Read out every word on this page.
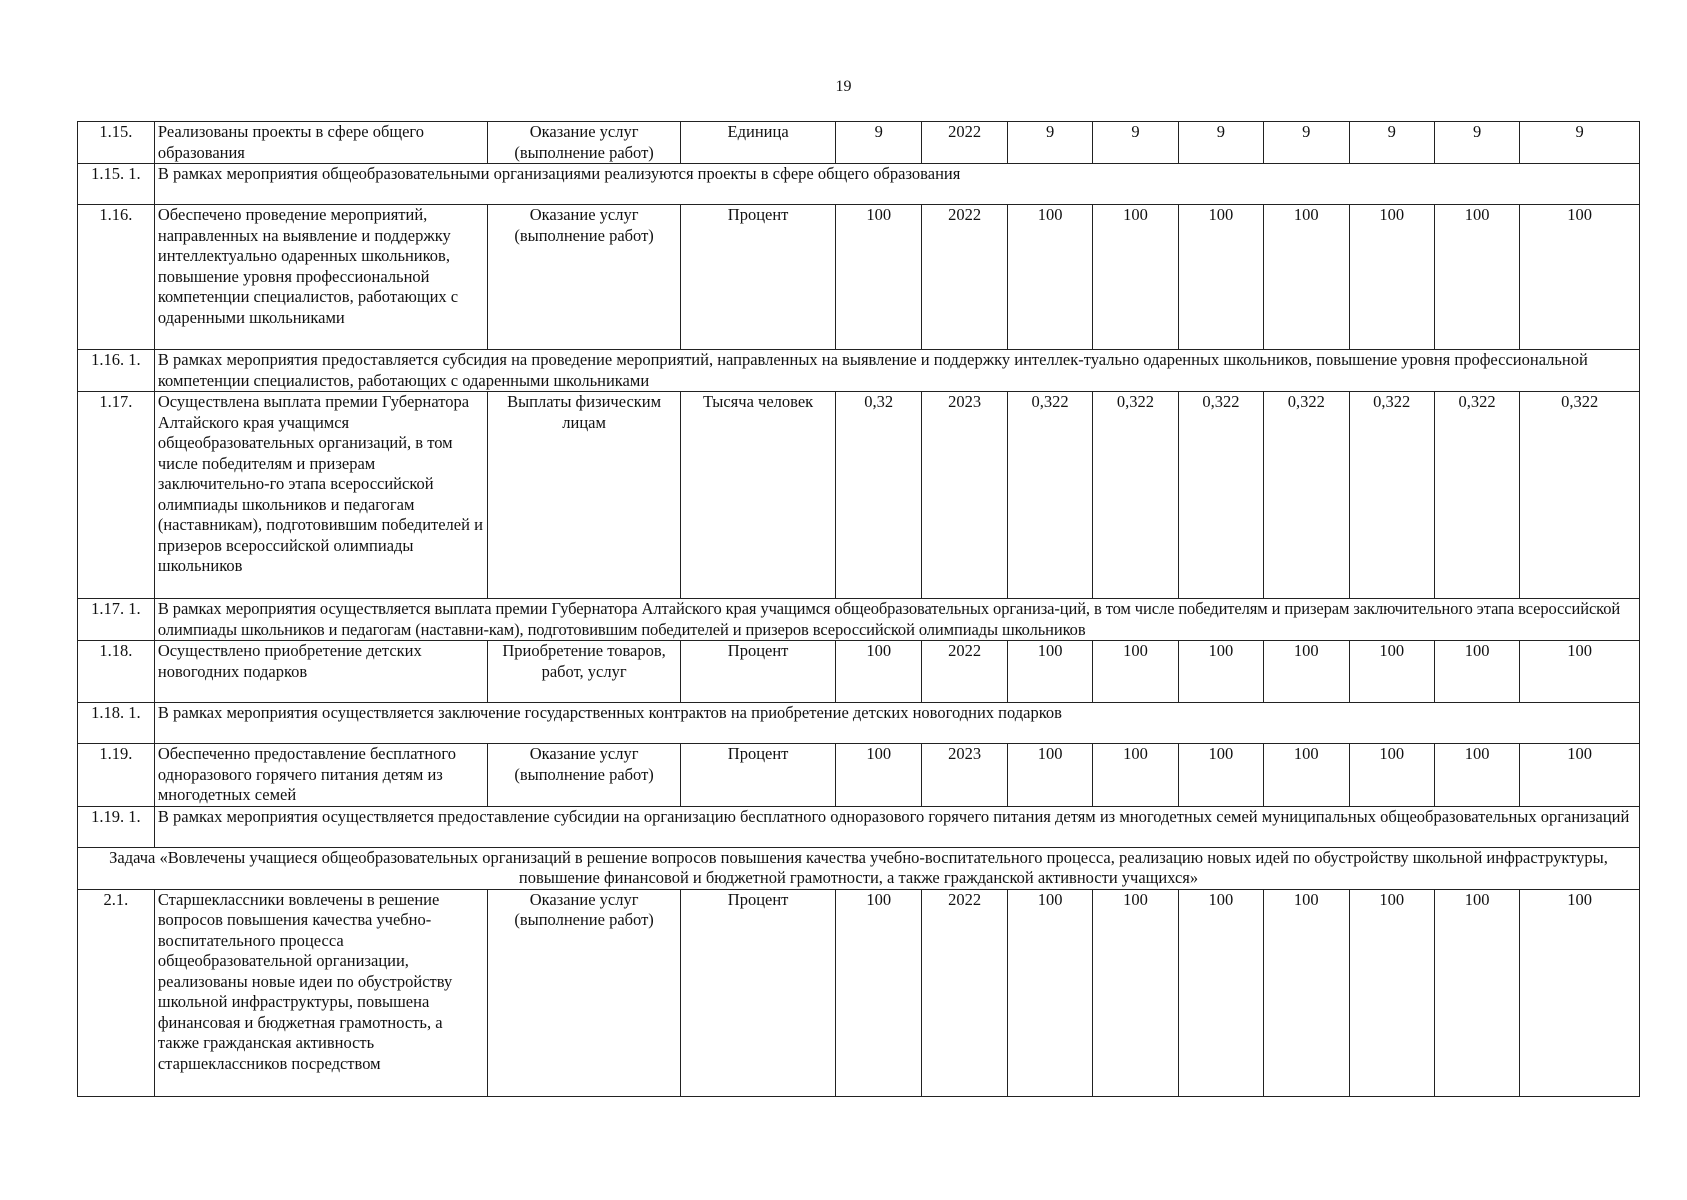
19
1.15.	Реализованы проекты в сфере общего образования	Оказание услуг (выполнение работ)	Единица	9	2022	9	9	9	9	9	9	9
1.15. 1.	В рамках мероприятия общеобразовательными организациями реализуются проекты в сфере общего образования											
1.16.	Обеспечено проведение мероприятий, направленных на выявление и поддержку интеллектуально одаренных школьников, повышение уровня профессиональной компетенции специалистов, работающих с одаренными школьниками	Оказание услуг (выполнение работ)	Процент	100	2022	100	100	100	100	100	100	100
1.16. 1.	В рамках мероприятия предоставляется субсидия на проведение мероприятий, направленных на выявление и поддержку интеллек-туально одаренных школьников, повышение уровня профессиональной компетенции специалистов, работающих с одаренными школьниками											
1.17.	Осуществлена выплата премии Губернатора Алтайского края учащимся общеобразовательных организаций, в том числе победителям и призерам заключительно-го этапа всероссийской олимпиады школьников и педагогам (наставникам), подготовившим победителей и призеров всероссийской олимпиады школьников	Выплаты физическим лицам	Тысяча человек	0,32	2023	0,322	0,322	0,322	0,322	0,322	0,322	0,322
1.17. 1.	В рамках мероприятия осуществляется выплата премии Губернатора Алтайского края учащимся общеобразовательных организа-ций, в том числе победителям и призерам заключительного этапа всероссийской олимпиады школьников и педагогам (наставни-кам), подготовившим победителей и призеров всероссийской олимпиады школьников											
1.18.	Осуществлено приобретение детских новогодних подарков	Приобретение товаров, работ, услуг	Процент	100	2022	100	100	100	100	100	100	100
1.18. 1.	В рамках мероприятия осуществляется заключение государственных контрактов на приобретение детских новогодних подарков											
1.19.	Обеспеченно предоставление бесплатного одноразового горячего питания детям из многодетных семей	Оказание услуг (выполнение работ)	Процент	100	2023	100	100	100	100	100	100	100
1.19. 1.	В рамках мероприятия осуществляется предоставление субсидии на организацию бесплатного одноразового горячего питания детям из многодетных семей муниципальных общеобразовательных организаций											
Задача «Вовлечены учащиеся общеобразовательных организаций в решение вопросов повышения качества учебно-воспитательного процесса, реализацию новых идей по обустройству школьной инфраструктуры, повышение финансовой и бюджетной грамотности, а также гражданской активности учащихся»												
2.1.	Старшеклассники вовлечены в решение вопросов повышения качества учебно-воспитательного процесса общеобразовательной организации, реализованы новые идеи по обустройству школьной инфраструктуры, повышена финансовая и бюджетная грамотность, а также гражданская активность старшеклассников посредством	Оказание услуг (выполнение работ)	Процент	100	2022	100	100	100	100	100	100	100
